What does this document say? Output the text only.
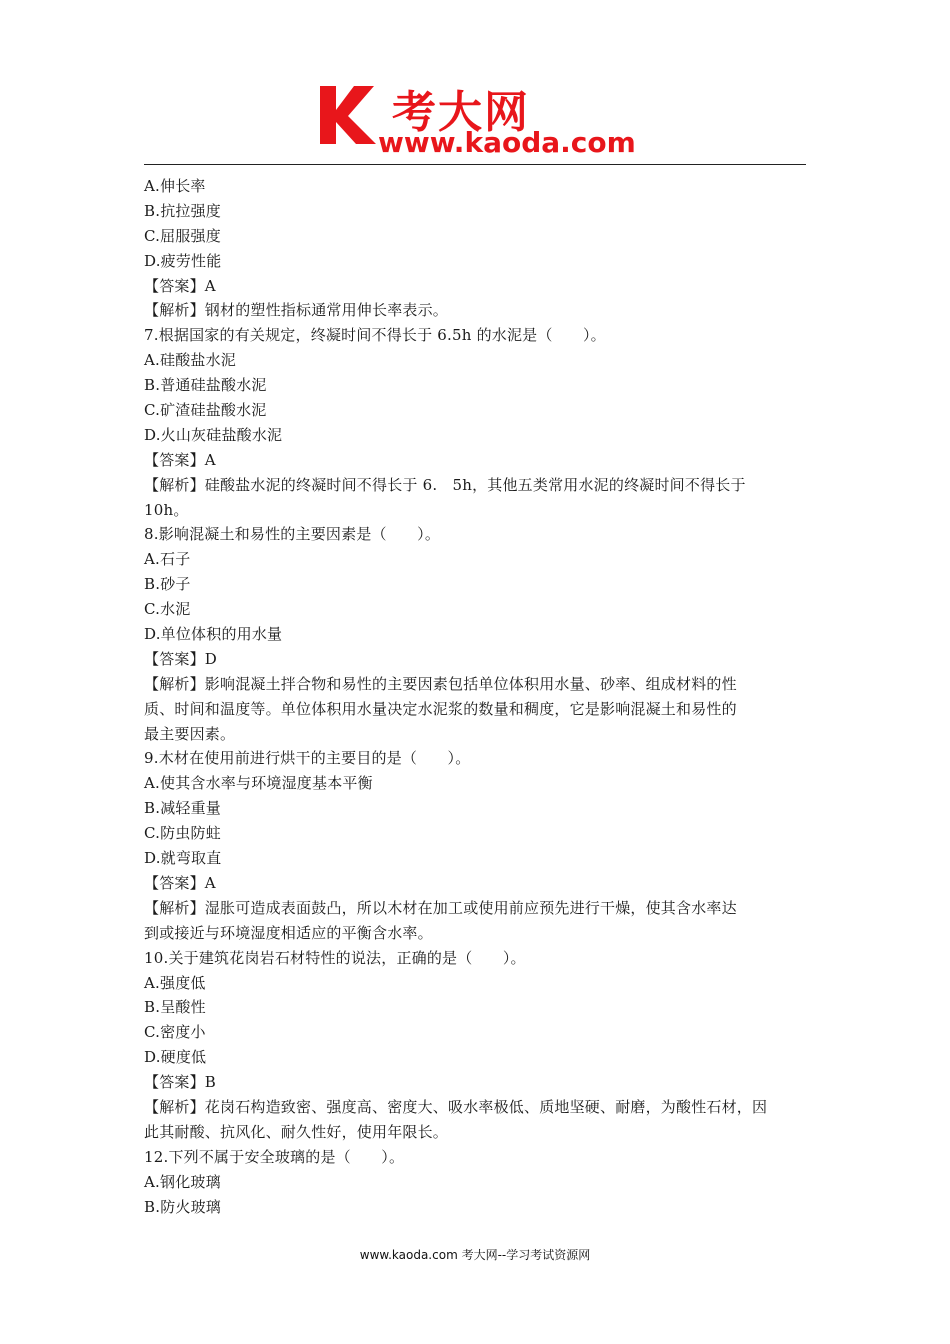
考大网
www.kaoda.com
A.伸长率
B.抗拉强度
C.屈服强度
D.疲劳性能
【答案】A
【解析】钢材的塑性指标通常用伸长率表示。
7.根据国家的有关规定，终凝时间不得长于 6.5h 的水泥是（　　）。
A.硅酸盐水泥
B.普通硅盐酸水泥
C.矿渣硅盐酸水泥
D.火山灰硅盐酸水泥
【答案】A
【解析】硅酸盐水泥的终凝时间不得长于 6.　5h，其他五类常用水泥的终凝时间不得长于
10h。
8.影响混凝土和易性的主要因素是（　　）。
A.石子
B.砂子
C.水泥
D.单位体积的用水量
【答案】D
【解析】影响混凝土拌合物和易性的主要因素包括单位体积用水量、砂率、组成材料的性
质、时间和温度等。单位体积用水量决定水泥浆的数量和稠度，它是影响混凝土和易性的
最主要因素。
9.木材在使用前进行烘干的主要目的是（　　）。
A.使其含水率与环境湿度基本平衡
B.减轻重量
C.防虫防蛀
D.就弯取直
【答案】A
【解析】湿胀可造成表面鼓凸，所以木材在加工或使用前应预先进行干燥，使其含水率达
到或接近与环境湿度相适应的平衡含水率。
10.关于建筑花岗岩石材特性的说法，正确的是（　　）。
A.强度低
B.呈酸性
C.密度小
D.硬度低
【答案】B
【解析】花岗石构造致密、强度高、密度大、吸水率极低、质地坚硬、耐磨，为酸性石材，因
此其耐酸、抗风化、耐久性好，使用年限长。
12.下列不属于安全玻璃的是（　　）。
A.钢化玻璃
B.防火玻璃
www.kaoda.com 考大网--学习考试资源网
